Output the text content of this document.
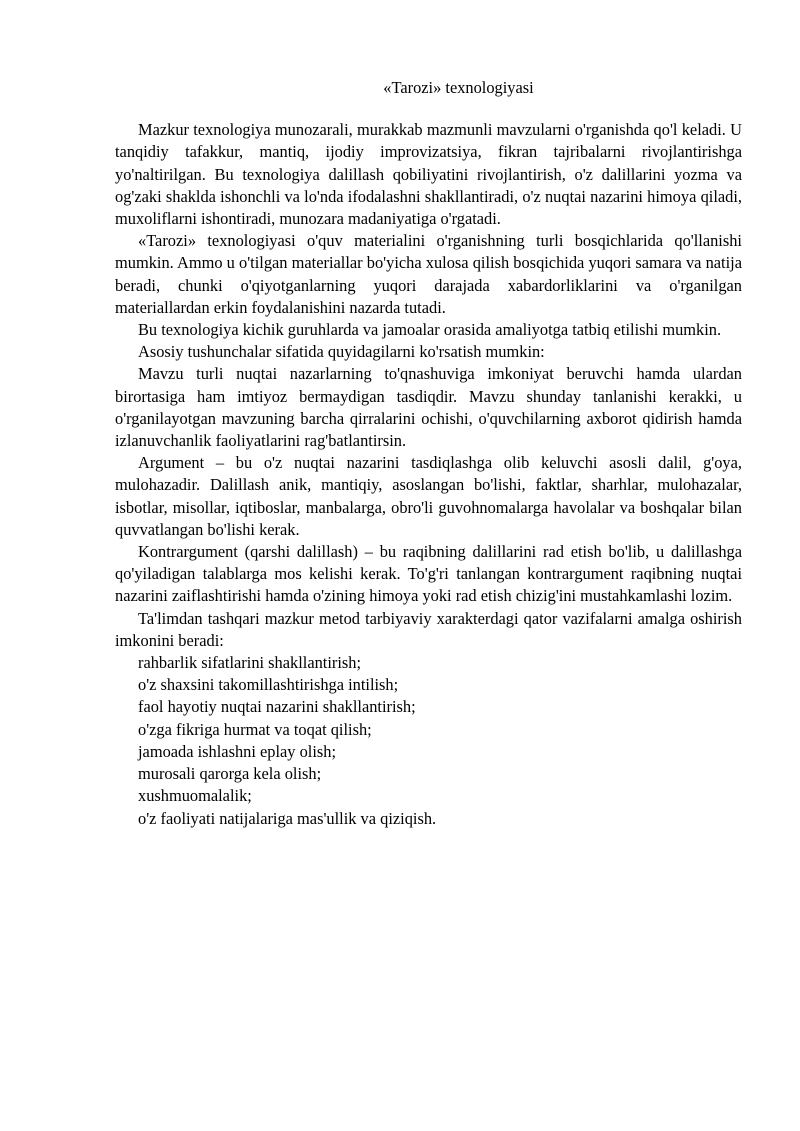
«Tarozi» texnologiyasi

Mazkur texnologiya munozarali, murakkab mazmunli mavzularni o'rganishda qo'l keladi. U tanqidiy tafakkur, mantiq, ijodiy improvizatsiya, fikran tajribalarni rivojlantirishga yo'naltirilgan. Bu texnologiya dalillash qobiliyatini rivojlantirish, o'z dalillarini yozma va og'zaki shaklda ishonchli va lo'nda ifodalashni shakllantiradi, o'z nuqtai nazarini himoya qiladi, muxoliflarni ishontiradi, munozara madaniyatiga o'rgatadi.

«Tarozi» texnologiyasi o'quv materialini o'rganishning turli bosqichlarida qo'llanishi mumkin. Ammo u o'tilgan materiallar bo'yicha xulosa qilish bosqichida yuqori samara va natija beradi, chunki o'qiyotganlarning yuqori darajada xabardorliklarini va o'rganilgan materiallardan erkin foydalanishini nazarda tutadi.

Bu texnologiya kichik guruhlarda va jamoalar orasida amaliyotga tatbiq etilishi mumkin.

Asosiy tushunchalar sifatida quyidagilarni ko'rsatish mumkin:

Mavzu turli nuqtai nazarlarning to'qnashuviga imkoniyat beruvchi hamda ulardan birortasiga ham imtiyoz bermaydigan tasdiqdir. Mavzu shunday tanlanishi kerakki, u o'rganilayotgan mavzuning barcha qirralarini ochishi, o'quvchilarning axborot qidirish hamda izlanuvchanlik faoliyatlarini rag'batlantirsin.

Argument – bu o'z nuqtai nazarini tasdiqlashga olib keluvchi asosli dalil, g'oya, mulohazadir. Dalillash anik, mantiqiy, asoslangan bo'lishi, faktlar, sharhlar, mulohazalar, isbotlar, misollar, iqtiboslar, manbalarga, obro'li guvohnomalarga havolalar va boshqalar bilan quvvatlangan bo'lishi kerak.

Kontrargument (qarshi dalillash) – bu raqibning dalillarini rad etish bo'lib, u dalillashga qo'yiladigan talablarga mos kelishi kerak. To'g'ri tanlangan kontrargument raqibning nuqtai nazarini zaiflashtirishi hamda o'zining himoya yoki rad etish chizig'ini mustahkamlashi lozim.

Ta'limdan tashqari mazkur metod tarbiyaviy xarakterdagi qator vazifalarni amalga oshirish imkonini beradi:

rahbarlik sifatlarini shakllantirish;
o'z shaxsini takomillashtirishga intilish;
faol hayotiy nuqtai nazarini shakllantirish;
o'zga fikriga hurmat va toqat qilish;
jamoada ishlashni eplay olish;
murosali qarorga kela olish;
xushmuomalalik;
o'z faoliyati natijalariga mas'ullik va qiziqish.
